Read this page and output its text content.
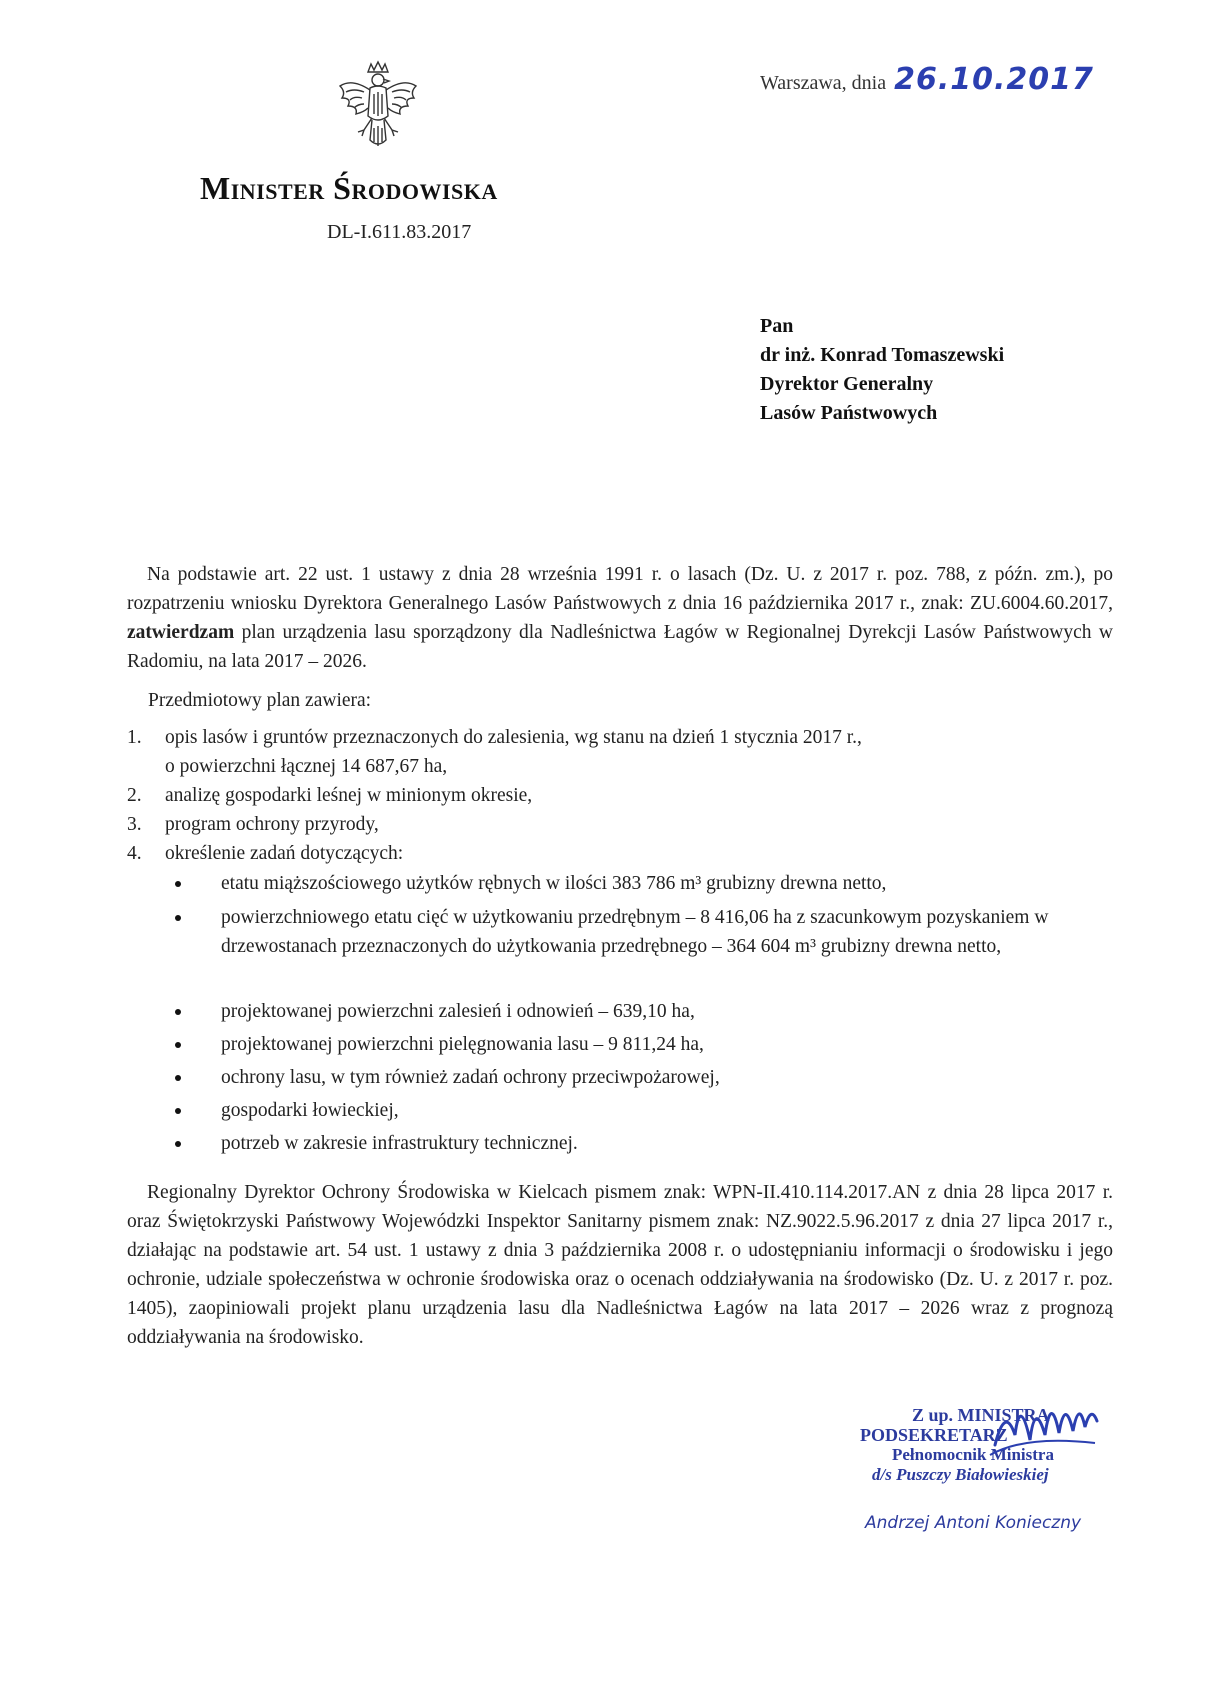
Warszawa, dnia 26.10.2017
Minister Środowiska
DL-I.611.83.2017
Pan
dr inż. Konrad Tomaszewski
Dyrektor Generalny
Lasów Państwowych

Na podstawie art. 22 ust. 1 ustawy z dnia 28 września 1991 r. o lasach (Dz. U. z 2017 r. poz. 788, z późn. zm.), po rozpatrzeniu wniosku Dyrektora Generalnego Lasów Państwowych z dnia 16 października 2017 r., znak: ZU.6004.60.2017, zatwierdzam plan urządzenia lasu sporządzony dla Nadleśnictwa Łagów w Regionalnej Dyrekcji Lasów Państwowych w Radomiu, na lata 2017 – 2026.

Przedmiotowy plan zawiera:
1. opis lasów i gruntów przeznaczonych do zalesienia, wg stanu na dzień 1 stycznia 2017 r.,
o powierzchni łącznej 14 687,67 ha,
2. analizę gospodarki leśnej w minionym okresie,
3. program ochrony przyrody,
4. określenie zadań dotyczących:
etatu miąższościowego użytków rębnych w ilości 383 786 m³ grubizny drewna netto,
powierzchniowego etatu cięć w użytkowaniu przedrębnym – 8 416,06 ha z szacunkowym pozyskaniem w drzewostanach przeznaczonych do użytkowania przedrębnego – 364 604 m³ grubizny drewna netto,
projektowanej powierzchni zalesień i odnowień – 639,10 ha,
projektowanej powierzchni pielęgnowania lasu – 9 811,24 ha,
ochrony lasu, w tym również zadań ochrony przeciwpożarowej,
gospodarki łowieckiej,
potrzeb w zakresie infrastruktury technicznej.

Regionalny Dyrektor Ochrony Środowiska w Kielcach pismem znak: WPN-II.410.114.2017.AN z dnia 28 lipca 2017 r. oraz Świętokrzyski Państwowy Wojewódzki Inspektor Sanitarny pismem znak: NZ.9022.5.96.2017 z dnia 27 lipca 2017 r., działając na podstawie art. 54 ust. 1 ustawy z dnia 3 października 2008 r. o udostępnianiu informacji o środowisku i jego ochronie, udziale społeczeństwa w ochronie środowiska oraz o ocenach oddziaływania na środowisko (Dz. U. z 2017 r. poz. 1405), zaopiniowali projekt planu urządzenia lasu dla Nadleśnictwa Łagów na lata 2017 – 2026 wraz z prognozą oddziaływania na środowisko.

Z up. MINISTRA
PODSEKRETARZ
Pełnomocnik Ministra
d/s Puszczy Białowieskiej
Andrzej Antoni Konieczny
